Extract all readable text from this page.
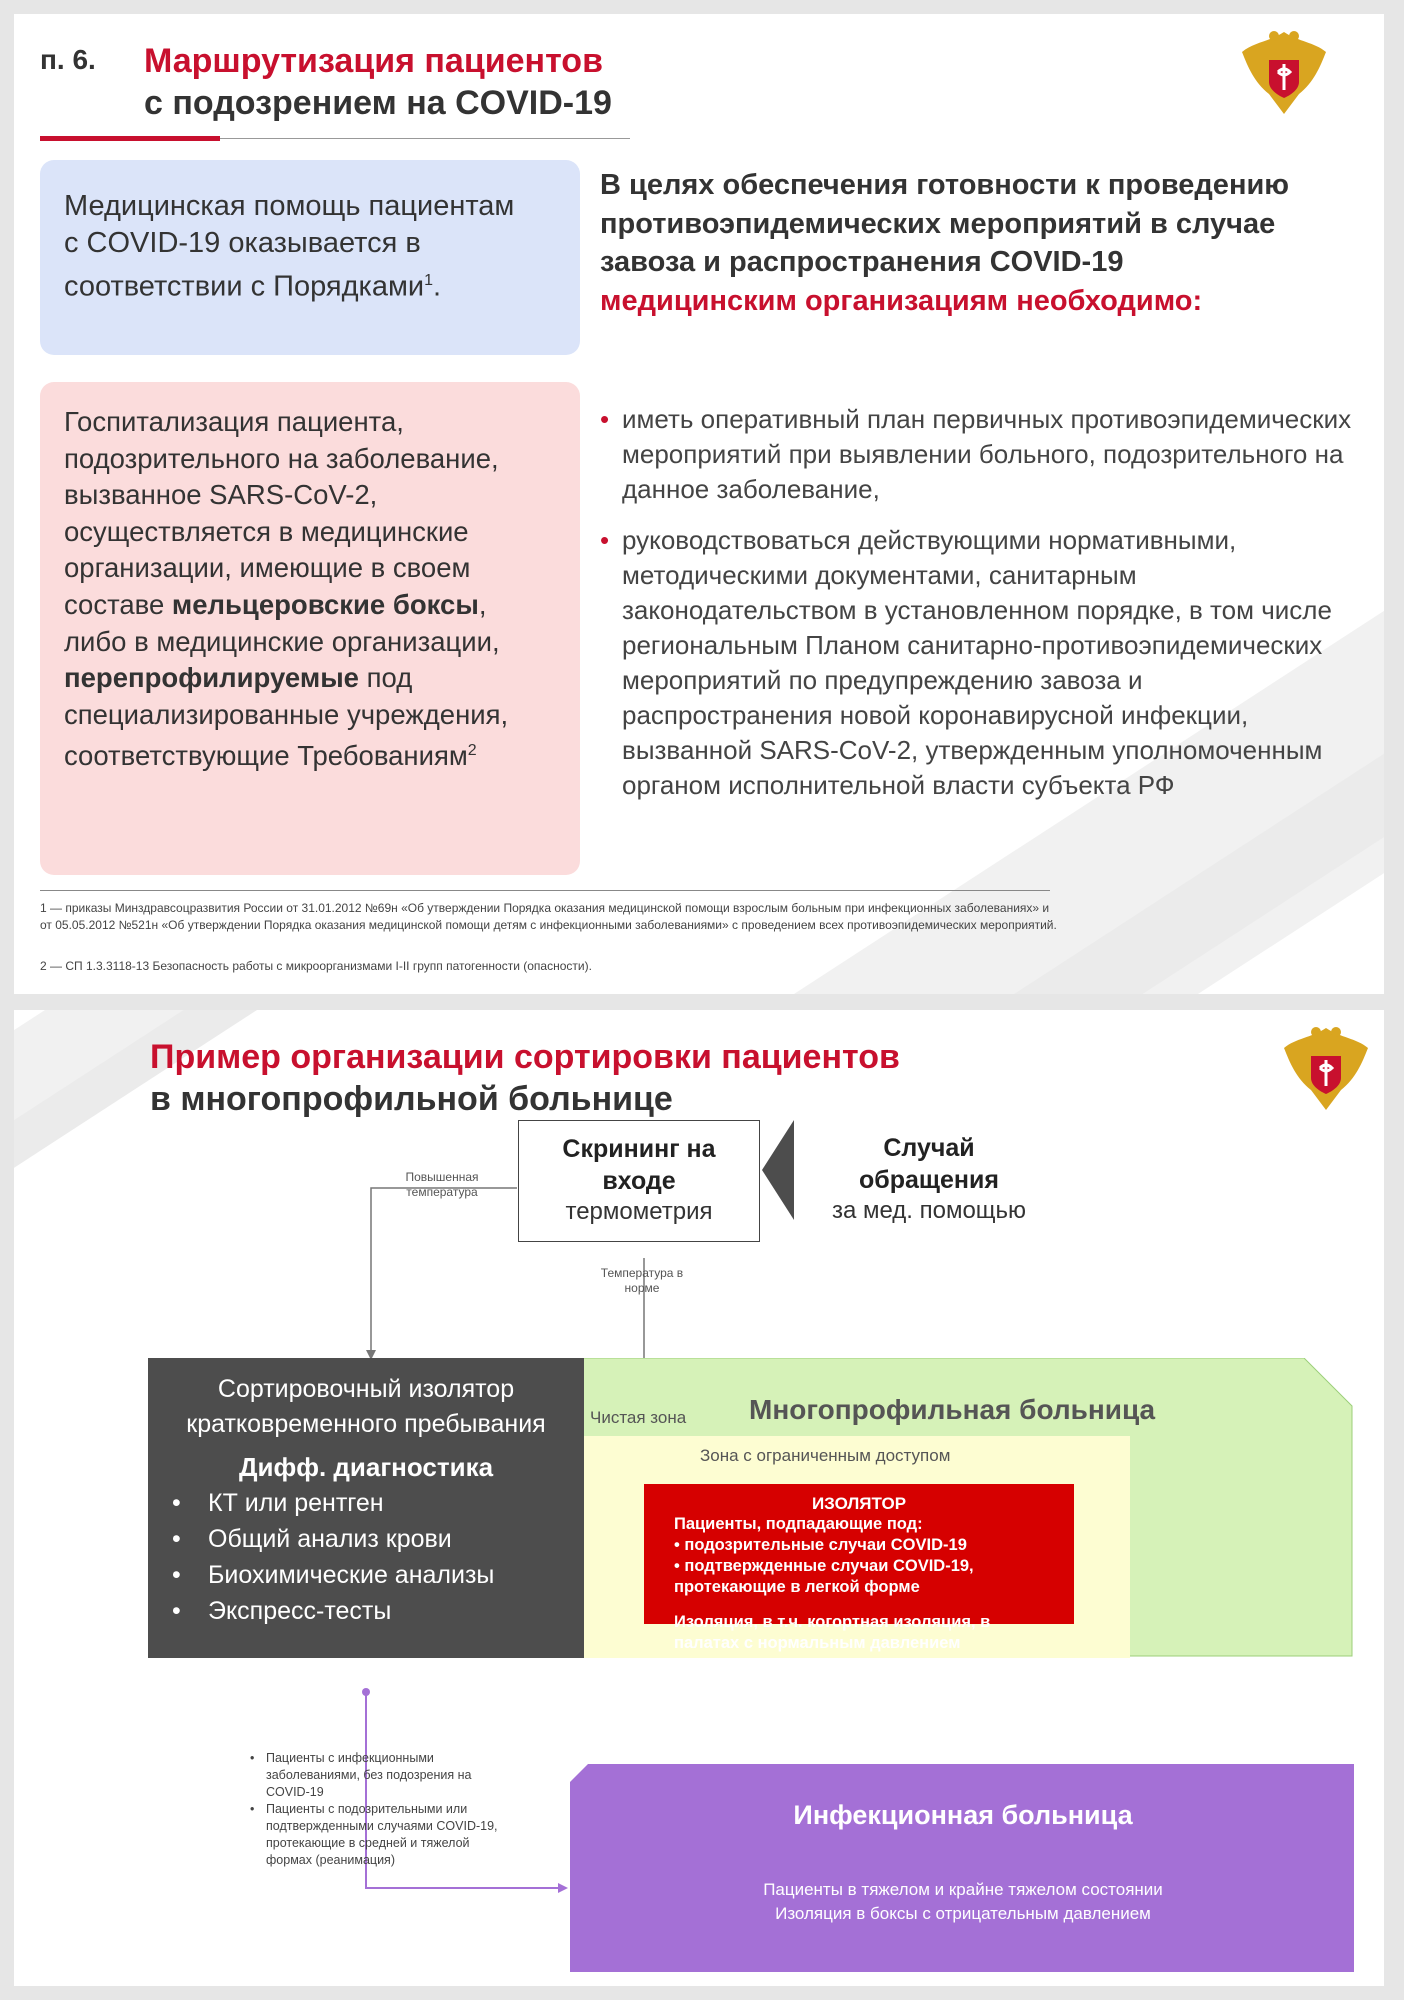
п. 6. Маршрутизация пациентов
с подозрением на COVID-19
Медицинская помощь пациентам с COVID-19 оказывается в соответствии с Порядками$^1$.
Госпитализация пациента, подозрительного на заболевание, вызванное SARS-CoV-2, осуществляется в медицинские организации, имеющие в своем составе мельцеровские боксы, либо в медицинские организации, перепрофилируемые под специализированные учреждения, соответствующие Требованиям$^2$
В целях обеспечения готовности к проведению противоэпидемических мероприятий в случае завоза и распространения COVID-19 медицинским организациям необходимо:
• иметь оперативный план первичных противоэпидемических мероприятий при выявлении больного, подозрительного на данное заболевание,
• руководствоваться действующими нормативными, методическими документами, санитарным законодательством в установленном порядке, в том числе региональным Планом санитарно-противоэпидемических мероприятий по предупреждению завоза и распространения новой коронавирусной инфекции, вызванной SARS-CoV-2, утвержденным уполномоченным органом исполнительной власти субъекта РФ
1 — приказы Минздравсоцразвития России от 31.01.2012 №69н «Об утверждении Порядка оказания медицинской помощи взрослым больным при инфекционных заболеваниях» и от 05.05.2012 №521н «Об утверждении Порядка оказания медицинской помощи детям с инфекционными заболеваниями» с проведением всех противоэпидемических мероприятий.
2 — СП 1.3.3118-13 Безопасность работы с микроорганизмами I-II групп патогенности (опасности).
Пример организации сортировки пациентов
в многопрофильной больнице
Скрининг на входе
термометрия
Случай обращения
за мед. помощью
Повышенная температура
Температура в норме
Чистая зона Многопрофильная больница
Зона с ограниченным доступом
ИЗОЛЯТОР
Пациенты, подпадающие под:
• подозрительные случаи COVID-19
• подтвержденные случаи COVID-19, протекающие в легкой форме
Изоляция, в т.ч. когортная изоляция, в палатах с нормальным давлением
Сортировочный изолятор кратковременного пребывания
Дифф. диагностика
• КТ или рентген
• Общий анализ крови
• Биохимические анализы
• Экспресс-тесты
• Пациенты с инфекционными заболеваниями, без подозрения на COVID-19
• Пациенты с подозрительными или подтвержденными случаями COVID-19, протекающие в средней и тяжелой формах (реанимация)
Инфекционная больница
Пациенты в тяжелом и крайне тяжелом состоянии
Изоляция в боксы с отрицательным давлением
